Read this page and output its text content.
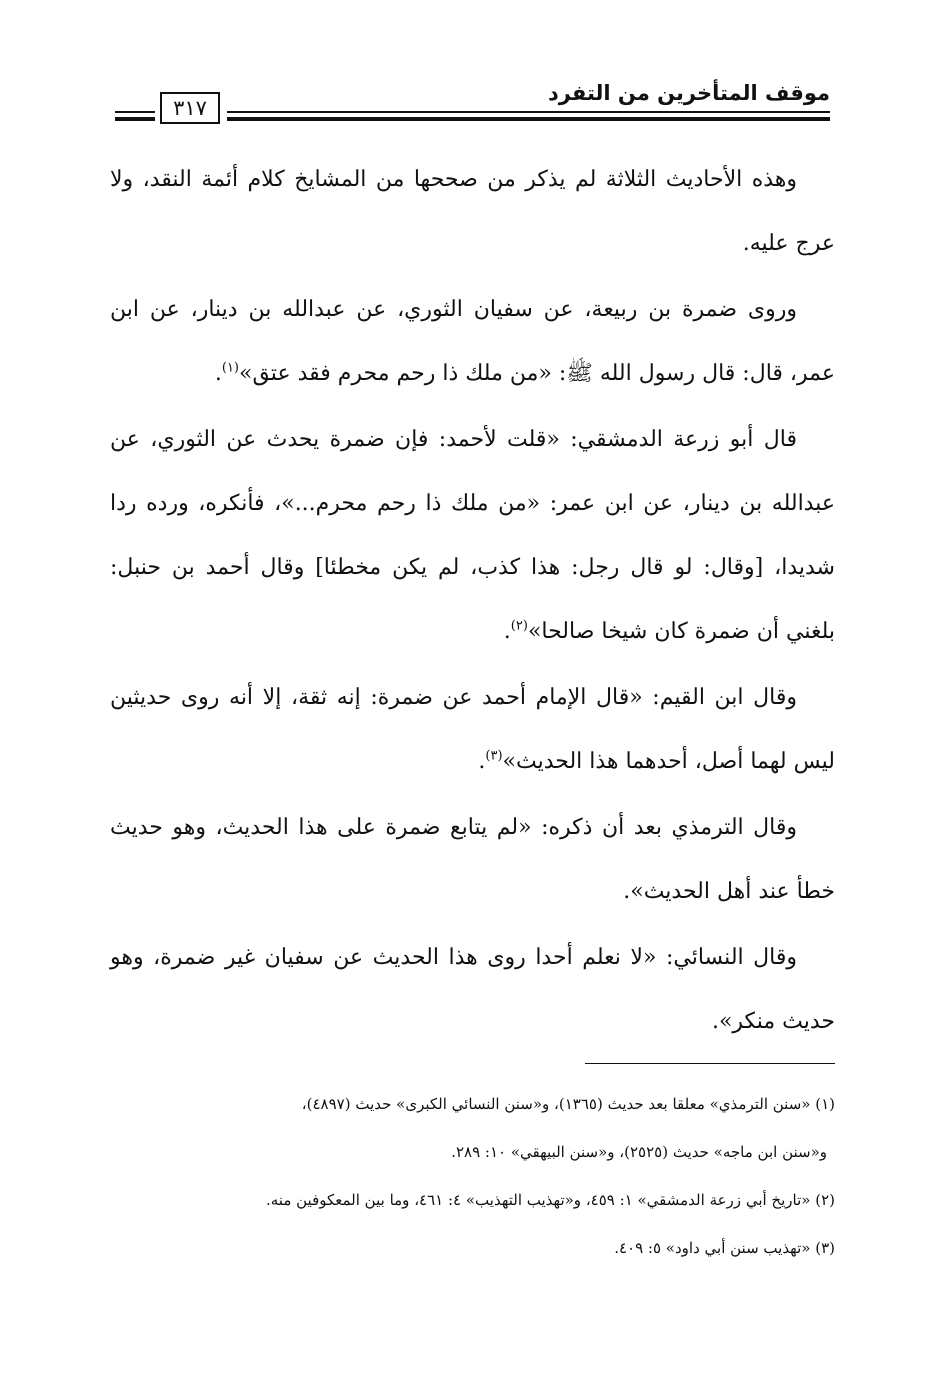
موقف المتأخرين من التفرد
٣١٧

وهذه الأحاديث الثلاثة لم يذكر من صححها من المشايخ كلام أئمة النقد، ولا عرج عليه.

وروى ضمرة بن ربيعة، عن سفيان الثوري، عن عبدالله بن دينار، عن ابن عمر، قال: قال رسول الله ﷺ: «من ملك ذا رحم محرم فقد عتق»$^{(١)}$.

قال أبو زرعة الدمشقي: «قلت لأحمد: فإن ضمرة يحدث عن الثوري، عن عبدالله بن دينار، عن ابن عمر: «من ملك ذا رحم محرم...»، فأنكره، ورده ردا شديدا، [وقال: لو قال رجل: هذا كذب، لم يكن مخطئا] وقال أحمد بن حنبل: بلغني أن ضمرة كان شيخا صالحا»$^{(٢)}$.

وقال ابن القيم: «قال الإمام أحمد عن ضمرة: إنه ثقة، إلا أنه روى حديثين ليس لهما أصل، أحدهما هذا الحديث»$^{(٣)}$.

وقال الترمذي بعد أن ذكره: «لم يتابع ضمرة على هذا الحديث، وهو حديث خطأ عند أهل الحديث».

وقال النسائي: «لا نعلم أحدا روى هذا الحديث عن سفيان غير ضمرة، وهو حديث منكر».

(١) «سنن الترمذي» معلقا بعد حديث (١٣٦٥)، و«سنن النسائي الكبرى» حديث (٤٨٩٧)،
و«سنن ابن ماجه» حديث (٢٥٢٥)، و«سنن البيهقي» ١٠: ٢٨٩.

(٢) «تاريخ أبي زرعة الدمشقي» ١: ٤٥٩، و«تهذيب التهذيب» ٤: ٤٦١، وما بين المعكوفين منه.

(٣) «تهذيب سنن أبي داود» ٥: ٤٠٩.
